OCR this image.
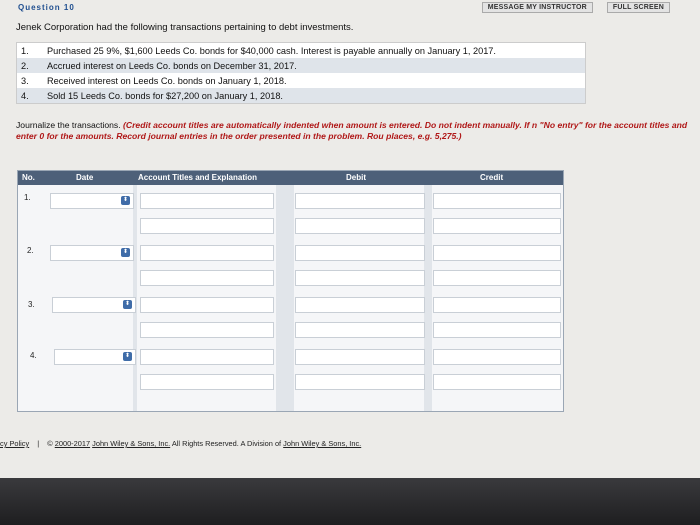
Question 10	MESSAGE MY INSTRUCTOR	FULL SCREEN
Jenek Corporation had the following transactions pertaining to debt investments.
1.	Purchased 25 9%, $1,600 Leeds Co. bonds for $40,000 cash. Interest is payable annually on January 1, 2017.
2.	Accrued interest on Leeds Co. bonds on December 31, 2017.
3.	Received interest on Leeds Co. bonds on January 1, 2018.
4.	Sold 15 Leeds Co. bonds for $27,200 on January 1, 2018.
Journalize the transactions. (Credit account titles are automatically indented when amount is entered. Do not indent manually. If n "No entry" for the account titles and enter 0 for the amounts. Record journal entries in the order presented in the problem. Rou places, e.g. 5,275.)
No.	Date	Account Titles and Explanation	Debit	Credit
1.	⬍
2.	⬍
3.	⬍
4.	⬍
cy Policy | © 2000-2017 John Wiley & Sons, Inc. All Rights Reserved. A Division of John Wiley & Sons, Inc.
